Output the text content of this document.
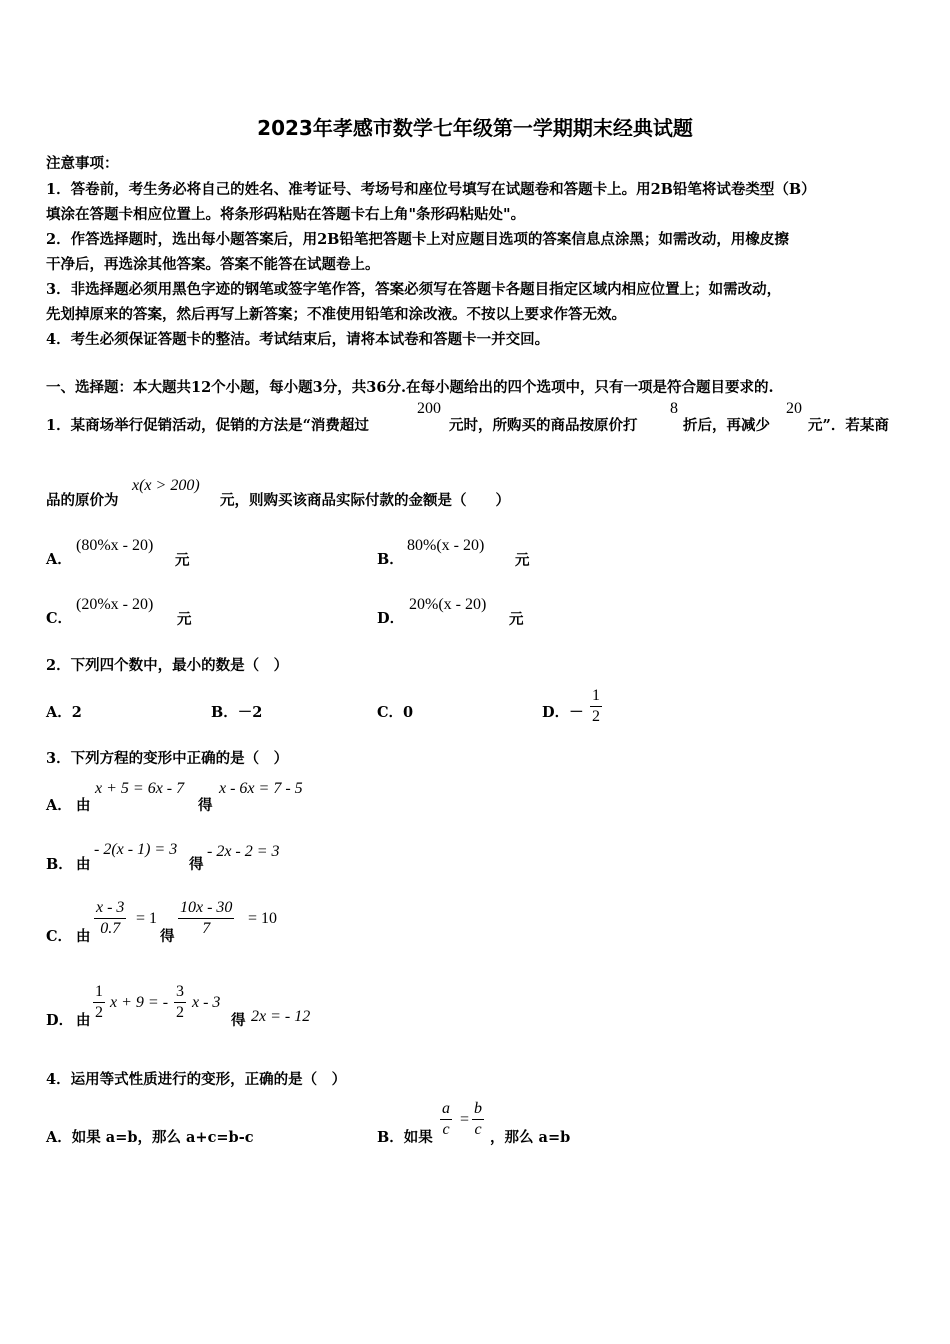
2023年孝感市数学七年级第一学期期末经典试题
注意事项：
1．答卷前，考生务必将自己的姓名、准考证号、考场号和座位号填写在试题卷和答题卡上。用2B铅笔将试卷类型（B）
填涂在答题卡相应位置上。将条形码粘贴在答题卡右上角"条形码粘贴处"。
2．作答选择题时，选出每小题答案后，用2B铅笔把答题卡上对应题目选项的答案信息点涂黑；如需改动，用橡皮擦
干净后，再选涂其他答案。答案不能答在试题卷上。
3．非选择题必须用黑色字迹的钢笔或签字笔作答，答案必须写在答题卡各题目指定区域内相应位置上；如需改动，
先划掉原来的答案，然后再写上新答案；不准使用铅笔和涂改液。不按以上要求作答无效。
4．考生必须保证答题卡的整洁。考试结束后，请将本试卷和答题卡一并交回。
一、选择题：本大题共12个小题，每小题3分，共36分.在每小题给出的四个选项中，只有一项是符合题目要求的.
1．某商场举行促销活动，促销的方法是“消费超过
200
元时，所购买的商品按原价打
8
折后，再减少
20
元”．若某商
品的原价为
x(x > 200)
元，则购买该商品实际付款的金额是（　　）
A．
(80%x - 20)
元	B．
80%(x - 20)
元
C．
(20%x - 20)
元	D．
20%(x - 20)
元
2．下列四个数中，最小的数是（　）
A．2	B．－2	C．0	D．－ $\frac{1}{2}$
3．下列方程的变形中正确的是（　）
A． 由
x + 5 = 6x - 7
得
x - 6x = 7 - 5
B． 由
- 2(x - 1) = 3
得
- 2x - 2 = 3
C． 由 $\frac{x - 3}{0.7} = 1$
得 $\frac{10x - 30}{7} = 10$
D． 由 $\frac{1}{2}$ x + 9 = - $\frac{3}{2}$ x - 3
得 2x = - 12
4．运用等式性质进行的变形，正确的是（　）
A．如果 a=b，那么 a+c=b-c	B．如果 $\frac{a}{c} = \frac{b}{c}$ ，那么 a=b
